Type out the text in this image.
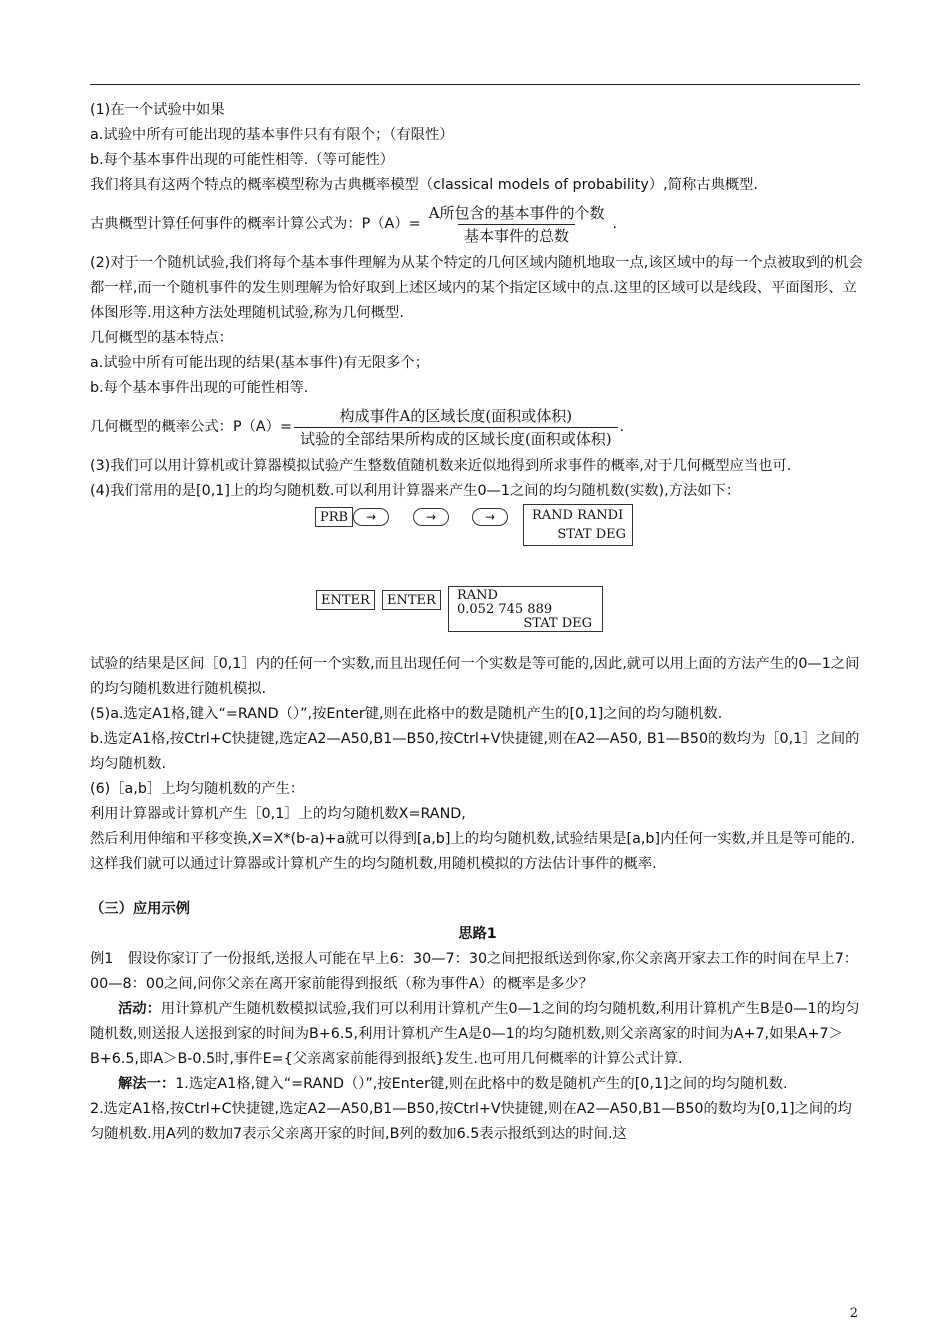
(1)在一个试验中如果

a.试验中所有可能出现的基本事件只有有限个；（有限性）

b.每个基本事件出现的可能性相等.（等可能性）

我们将具有这两个特点的概率模型称为古典概率模型（classical models of probability）,简称古典概型.

古典概型计算任何事件的概率计算公式为：$P(A)= \frac{\text{A所包含的基本事件的个数}}{\text{基本事件的总数}}$ .

(2)对于一个随机试验,我们将每个基本事件理解为从某个特定的几何区域内随机地取一点,该区域中的每一个点被取到的机会都一样,而一个随机事件的发生则理解为恰好取到上述区域内的某个指定区域中的点.这里的区域可以是线段、平面图形、立体图形等.用这种方法处理随机试验,称为几何概型.

几何概型的基本特点：

a.试验中所有可能出现的结果(基本事件)有无限多个；

b.每个基本事件出现的可能性相等.

几何概型的概率公式：$P(A)= \frac{\text{构成事件A的区域长度(面积或体积)}}{\text{试验的全部结果所构成的区域长度(面积或体积)}}$ .

(3)我们可以用计算机或计算器模拟试验产生整数值随机数来近似地得到所求事件的概率,对于几何概型应当也可.

(4)我们常用的是[0,1]上的均匀随机数.可以利用计算器来产生0—1之间的均匀随机数(实数),方法如下：

PRB	→	→	→	RAND RANDI
STAT DEG
ENTER	ENTER	RAND
0.052 745 889
STAT DEG

试验的结果是区间［0,1］内的任何一个实数,而且出现任何一个实数是等可能的,因此,就可以用上面的方法产生的0—1之间的均匀随机数进行随机模拟.

(5)a.选定A1格,键入“=RAND（）”,按Enter键,则在此格中的数是随机产生的[0,1]之间的均匀随机数.

b.选定A1格,按Ctrl+C快捷键,选定A2—A50,B1—B50,按Ctrl+V快捷键,则在A2—A50, B1—B50的数均为［0,1］之间的均匀随机数.

(6)［a,b］上均匀随机数的产生：

利用计算器或计算机产生［0,1］上的均匀随机数X=RAND,

然后利用伸缩和平移变换,X=X*(b-a)+a就可以得到[a,b]上的均匀随机数,试验结果是[a,b]内任何一实数,并且是等可能的.

这样我们就可以通过计算器或计算机产生的均匀随机数,用随机模拟的方法估计事件的概率.

（三）应用示例

思路1

例1　假设你家订了一份报纸,送报人可能在早上6：30—7：30之间把报纸送到你家,你父亲离开家去工作的时间在早上7：00—8：00之间,问你父亲在离开家前能得到报纸（称为事件A）的概率是多少？

活动：用计算机产生随机数模拟试验,我们可以利用计算机产生0—1之间的均匀随机数,利用计算机产生B是0—1的均匀随机数,则送报人送报到家的时间为B+6.5,利用计算机产生A是0—1的均匀随机数,则父亲离家的时间为A+7,如果A+7＞B+6.5,即A＞B-0.5时,事件E={父亲离家前能得到报纸}发生.也可用几何概率的计算公式计算.

解法一：1.选定A1格,键入“=RAND（）”,按Enter键,则在此格中的数是随机产生的[0,1]之间的均匀随机数.

2.选定A1格,按Ctrl+C快捷键,选定A2—A50,B1—B50,按Ctrl+V快捷键,则在A2—A50,B1—B50的数均为[0,1]之间的均匀随机数.用A列的数加7表示父亲离开家的时间,B列的数加6.5表示报纸到达的时间.这

2
